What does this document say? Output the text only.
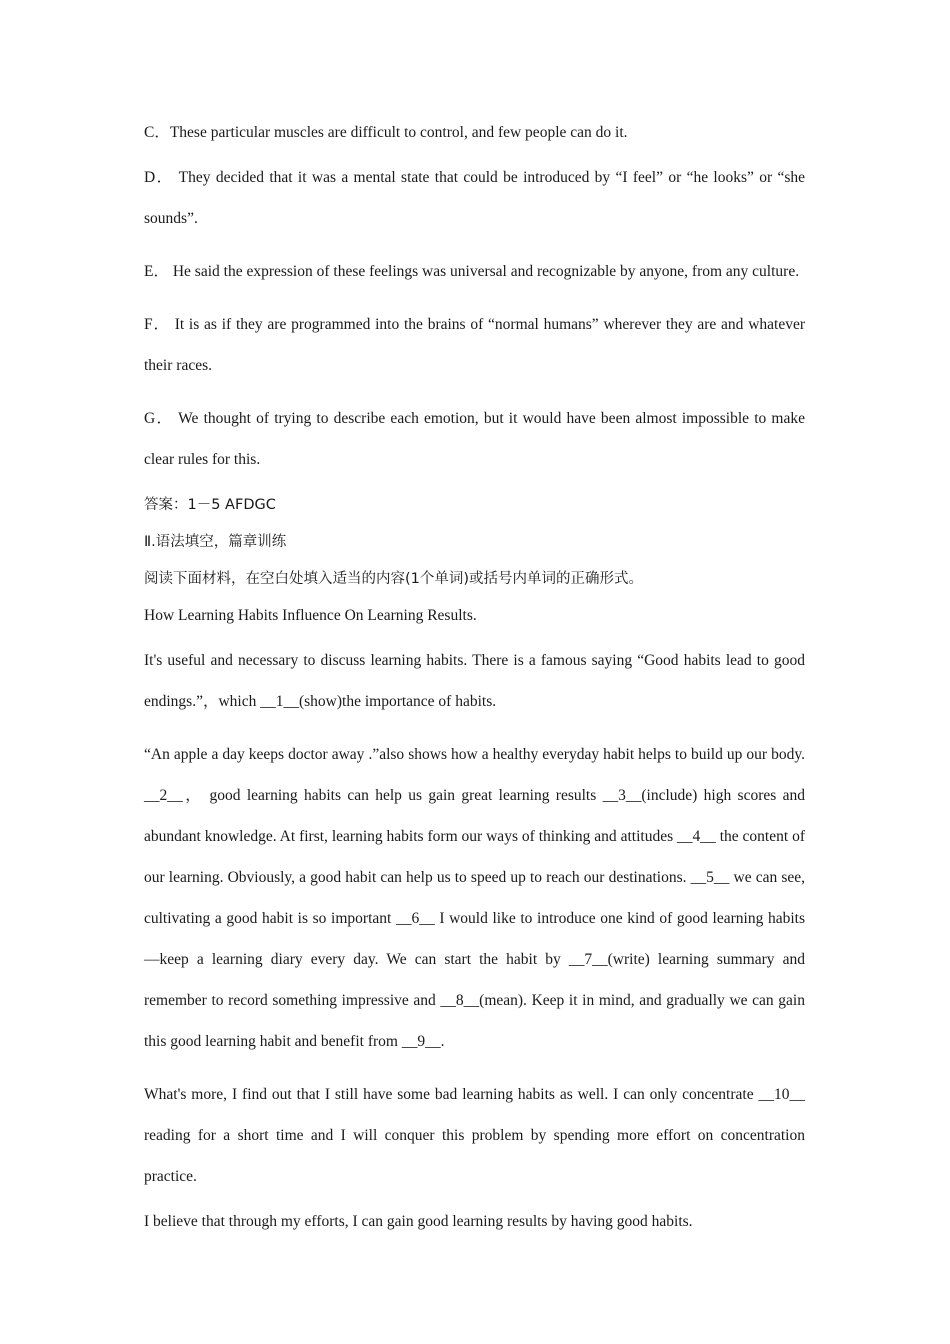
C．These particular muscles are difficult to control, and few people can do it.

D． They decided that it was a mental state that could be introduced by “I feel” or “he looks” or “she sounds”.

E． He said the expression of these feelings was universal and recognizable by anyone, from any culture.

F． It is as if they are programmed into the brains of “normal humans” wherever they are and whatever their races.

G． We thought of trying to describe each emotion, but it would have been almost impossible to make clear rules for this.

答案：1－5 AFDGC

Ⅱ.语法填空，篇章训练

阅读下面材料，在空白处填入适当的内容(1个单词)或括号内单词的正确形式。

How Learning Habits Influence On Learning Results.

It's useful and necessary to discuss learning habits. There is a famous saying “Good habits lead to good endings.”，which __1__(show)the importance of habits.

“An apple a day keeps doctor away .”also shows how a healthy everyday habit helps to build up our body. __2__， good learning habits can help us gain great learning results __3__(include) high scores and abundant knowledge. At first, learning habits form our ways of thinking and attitudes __4__ the content of our learning. Obviously, a good habit can help us to speed up to reach our destinations. __5__ we can see, cultivating a good habit is so important __6__ I would like to introduce one kind of good learning habits—keep a learning diary every day. We can start the habit by __7__(write) learning summary and remember to record something impressive and __8__(mean). Keep it in mind, and gradually we can gain this good learning habit and benefit from __9__.

What's more, I find out that I still have some bad learning habits as well. I can only concentrate __10__ reading for a short time and I will conquer this problem by spending more effort on concentration practice.

I believe that through my efforts, I can gain good learning results by having good habits.
